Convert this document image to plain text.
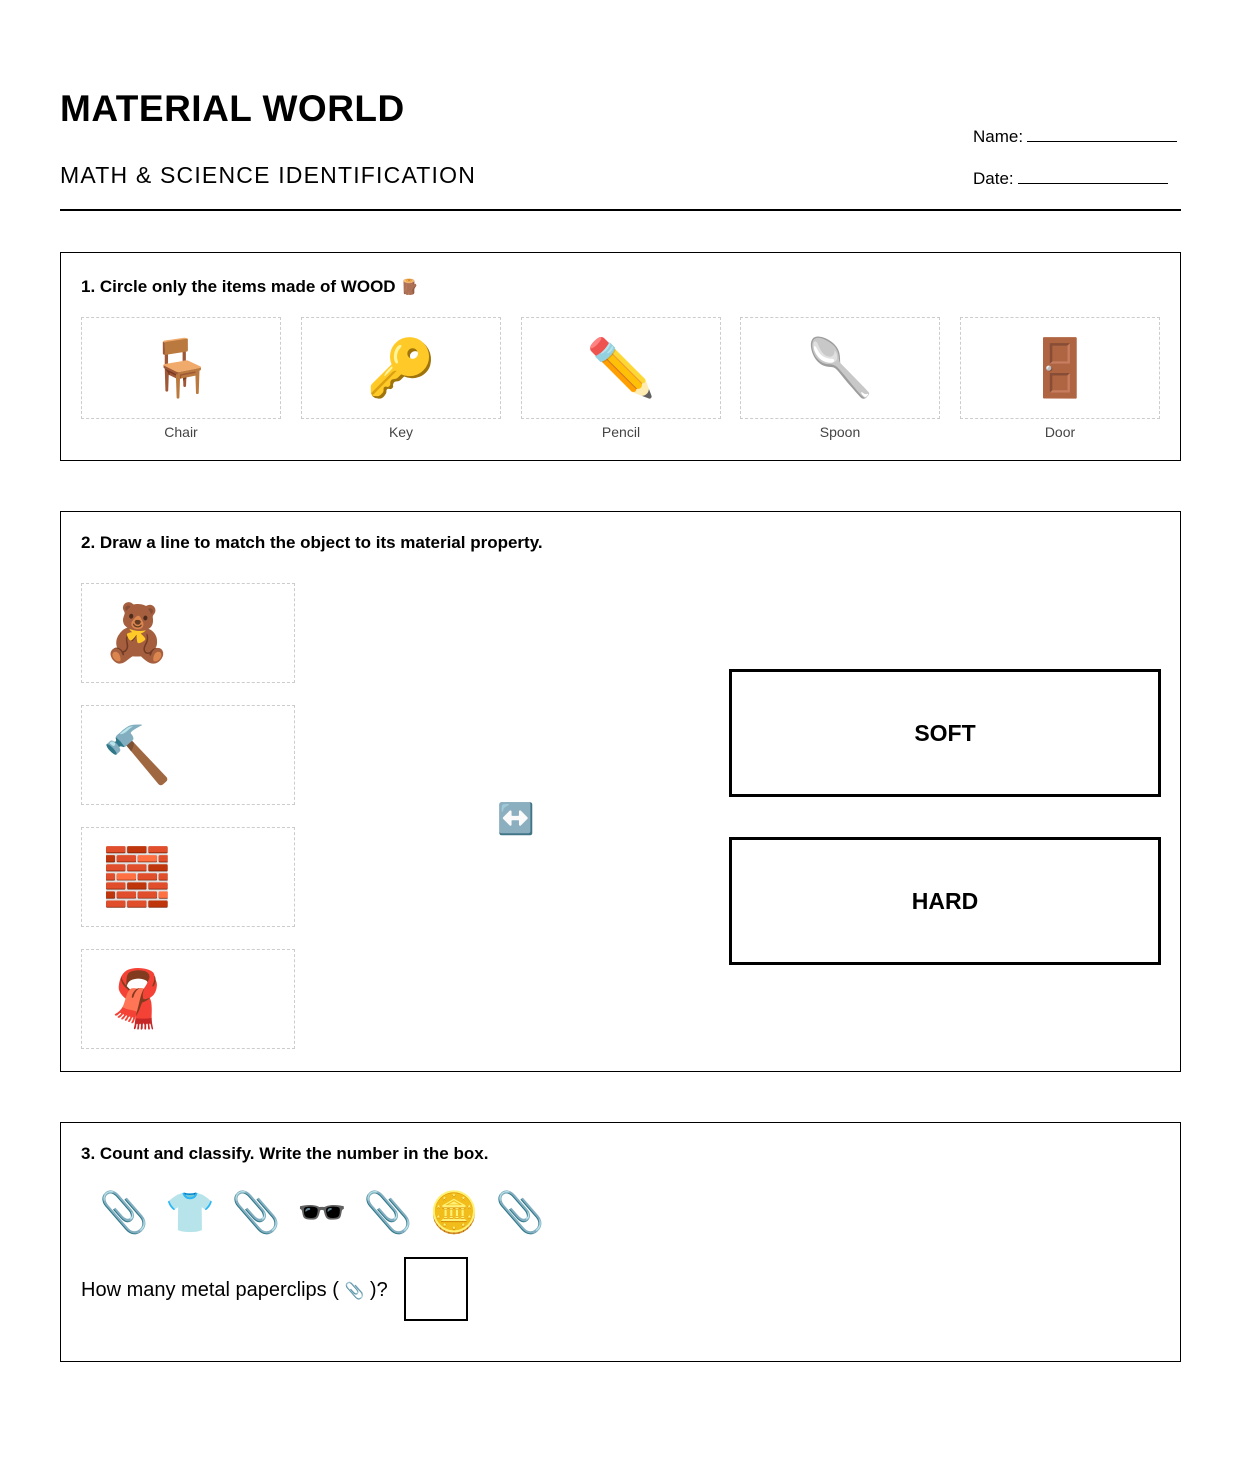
MATERIAL WORLD
MATH & SCIENCE IDENTIFICATION
Name:
Date:
1. Circle only the items made of WOOD 🪵
🪑
Chair
🔑
Key
✏️
Pencil
🥄
Spoon
🚪
Door
2. Draw a line to match the object to its material property.
🧸
🔨
🧱
🧣
↔️
SOFT
HARD
3. Count and classify. Write the number in the box.
📎 👕 📎 🕶️ 📎 🪙 📎
How many metal paperclips ( 📎 )?
